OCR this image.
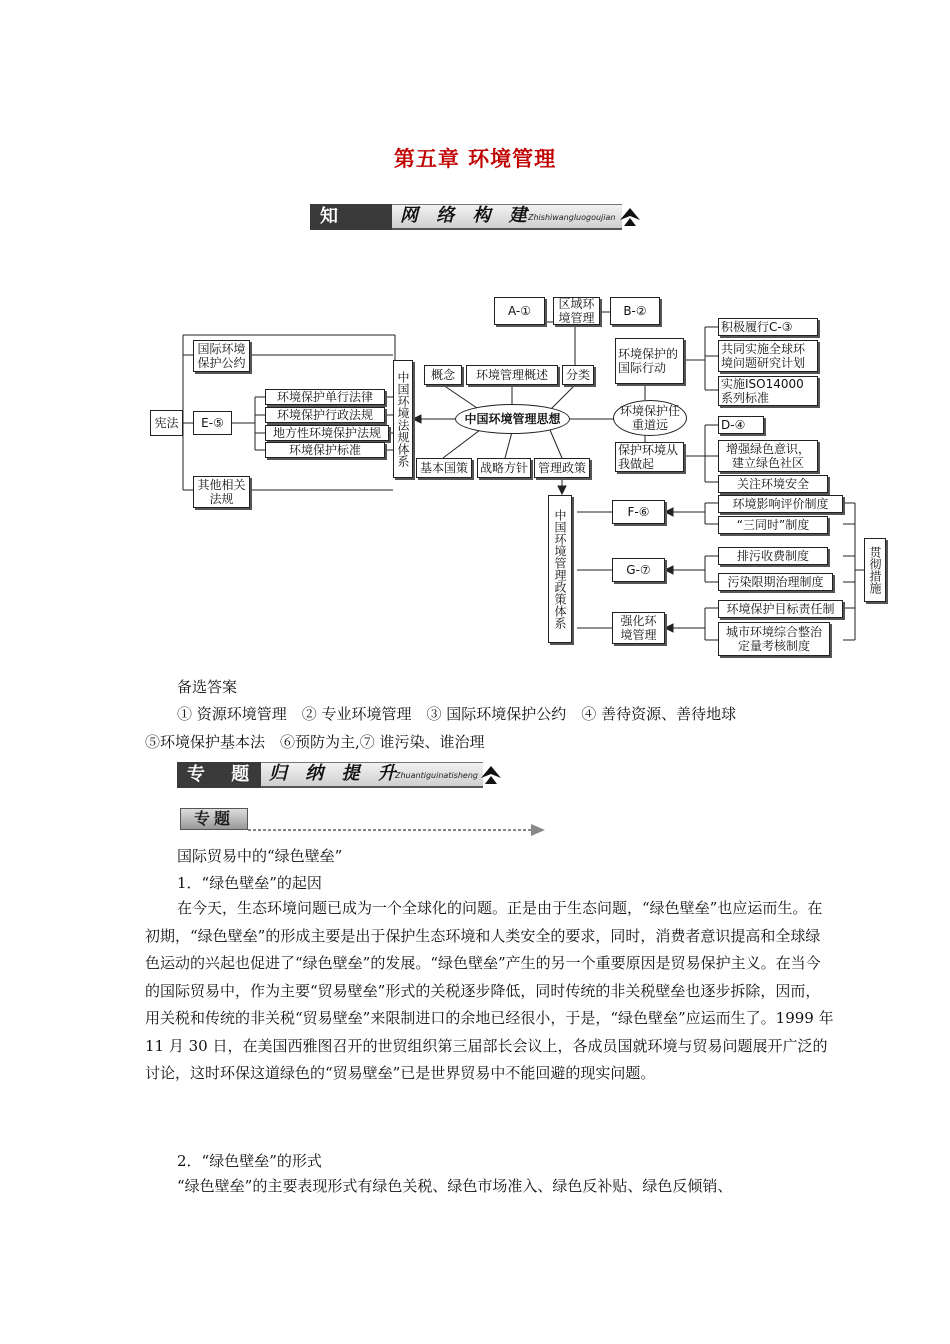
第五章 环境管理
知 识
网 络 构 建
Zhishiwangluogoujian
宪法
国际环境保护公约
E-⑤
其他相关法规
环境保护单行法律
环境保护行政法规
地方性环境保护法规
环境保护标准	中国环境法规体系
A-①	区域环境管理	B-②
概念	环境管理概述	分类
中国环境管理思想
基本国策	战略方针 管理政策
环境保护的国际行动
环境保护任重道远
保护环境从我做起
积极履行C-③
共同实施全球环境问题研究计划
实施ISO14000系列标准
D-④
增强绿色意识，建立绿色社区
关注环境安全
中国环境管理政策体系	F-⑥
G-⑦
强化环境管理
环境影响评价制度
“三同时”制度
排污收费制度
污染限期治理制度
环境保护目标责任制
城市环境综合整治定量考核制度
贯彻措施
备选答案
① 资源环境管理　② 专业环境管理　③ 国际环境保护公约　④ 善待资源、善待地球
⑤环境保护基本法　⑥预防为主,⑦ 谁污染、谁治理
专 题 归 纳 提 升
Zhuantiguinatisheng
专题
国际贸易中的“绿色壁垒”
1．“绿色壁垒”的起因
在今天，生态环境问题已成为一个全球化的问题。正是由于生态问题，“绿色壁垒”也应运而生。在初期，“绿色壁垒”的形成主要是出于保护生态环境和人类安全的要求，同时，消费者意识提高和全球绿色运动的兴起也促进了“绿色壁垒”的发展。“绿色壁垒”产生的另一个重要原因是贸易保护主义。在当今的国际贸易中，作为主要“贸易壁垒”形式的关税逐步降低，同时传统的非关税壁垒也逐步拆除，因而，用关税和传统的非关税“贸易壁垒”来限制进口的余地已经很小，于是，“绿色壁垒”应运而生了。1999 年 11 月 30 日，在美国西雅图召开的世贸组织第三届部长会议上，各成员国就环境与贸易问题展开广泛的讨论，这时环保这道绿色的“贸易壁垒”已是世界贸易中不能回避的现实问题。
2．“绿色壁垒”的形式
“绿色壁垒”的主要表现形式有绿色关税、绿色市场准入、绿色反补贴、绿色反倾销、
